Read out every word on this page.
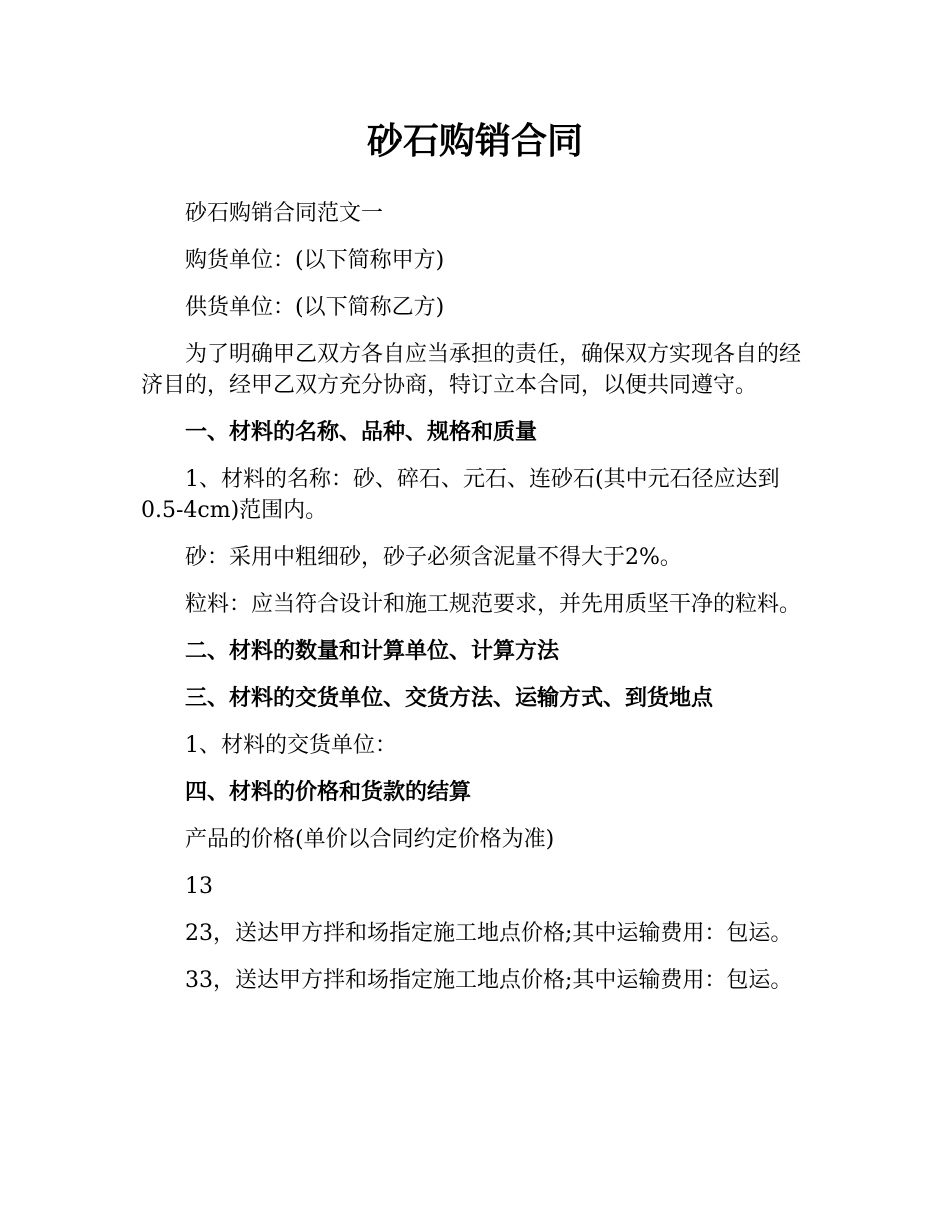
砂石购销合同

砂石购销合同范文一

购货单位：(以下简称甲方)

供货单位：(以下简称乙方)

为了明确甲乙双方各自应当承担的责任，确保双方实现各自的经济目的，经甲乙双方充分协商，特订立本合同，以便共同遵守。

一、材料的名称、品种、规格和质量

1、材料的名称：砂、碎石、元石、连砂石(其中元石径应达到0.5-4cm)范围内。

砂：采用中粗细砂，砂子必须含泥量不得大于2%。

粒料：应当符合设计和施工规范要求，并先用质坚干净的粒料。

二、材料的数量和计算单位、计算方法

三、材料的交货单位、交货方法、运输方式、到货地点

1、材料的交货单位：

四、材料的价格和货款的结算

产品的价格(单价以合同约定价格为准)

13

23，送达甲方拌和场指定施工地点价格;其中运输费用：包运。

33，送达甲方拌和场指定施工地点价格;其中运输费用：包运。
